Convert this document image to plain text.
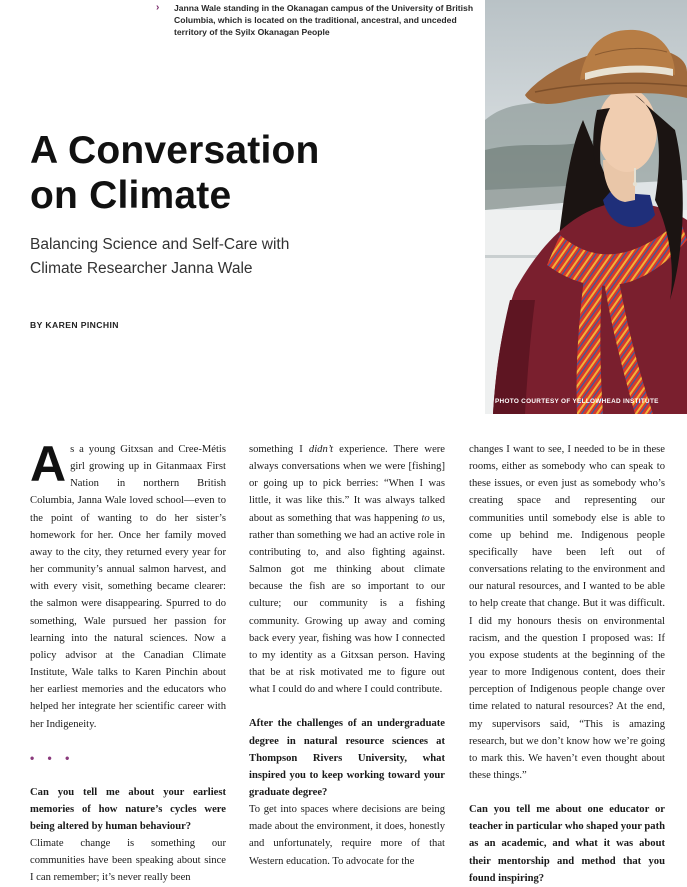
› Janna Wale standing in the Okanagan campus of the University of British Columbia, which is located on the traditional, ancestral, and unceded territory of the Syilx Okanagan People
A Conversation
on Climate
Balancing Science and Self-Care with
Climate Researcher Janna Wale
BY KAREN PINCHIN
PHOTO COURTESY OF YELLOWHEAD INSTITUTE

As a young Gitxsan and Cree-Métis girl growing up in Gitanmaax First Nation in northern British Columbia, Janna Wale loved school—even to the point of wanting to do her sister’s homework for her. Once her family moved away to the city, they returned every year for her community’s annual salmon harvest, and with every visit, something became clearer: the salmon were disappearing. Spurred to do something, Wale pursued her passion for learning into the natural sciences. Now a policy advisor at the Canadian Climate Institute, Wale talks to Karen Pinchin about her earliest memories and the educators who helped her integrate her scientific career with her Indigeneity.

• • •

Can you tell me about your earliest memories of how nature’s cycles were being altered by human behaviour?

Climate change is something our communities have been speaking about since I can remember; it’s never really been

something I didn’t experience. There were always conversations when we were [fishing] or going up to pick berries: “When I was little, it was like this.” It was always talked about as something that was happening to us, rather than something we had an active role in contributing to, and also fighting against. Salmon got me thinking about climate because the fish are so important to our culture; our community is a fishing community. Growing up away and coming back every year, fishing was how I connected to my identity as a Gitxsan person. Having that be at risk motivated me to figure out what I could do and where I could contribute.

After the challenges of an undergraduate degree in natural resource sciences at Thompson Rivers University, what inspired you to keep working toward your graduate degree?

To get into spaces where decisions are being made about the environment, it does, honestly and unfortunately, require more of that Western education. To advocate for the

changes I want to see, I needed to be in these rooms, either as somebody who can speak to these issues, or even just as somebody who’s creating space and representing our communities until somebody else is able to come up behind me. Indigenous people specifically have been left out of conversations relating to the environment and our natural resources, and I wanted to be able to help create that change. But it was difficult. I did my honours thesis on environmental racism, and the question I proposed was: If you expose students at the beginning of the year to more Indigenous content, does their perception of Indigenous people change over time related to natural resources? At the end, my supervisors said, “This is amazing research, but we don’t know how we’re going to mark this. We haven’t even thought about these things.”

Can you tell me about one educator or teacher in particular who shaped your path as an academic, and what it was about their mentorship and method that you found inspiring?
